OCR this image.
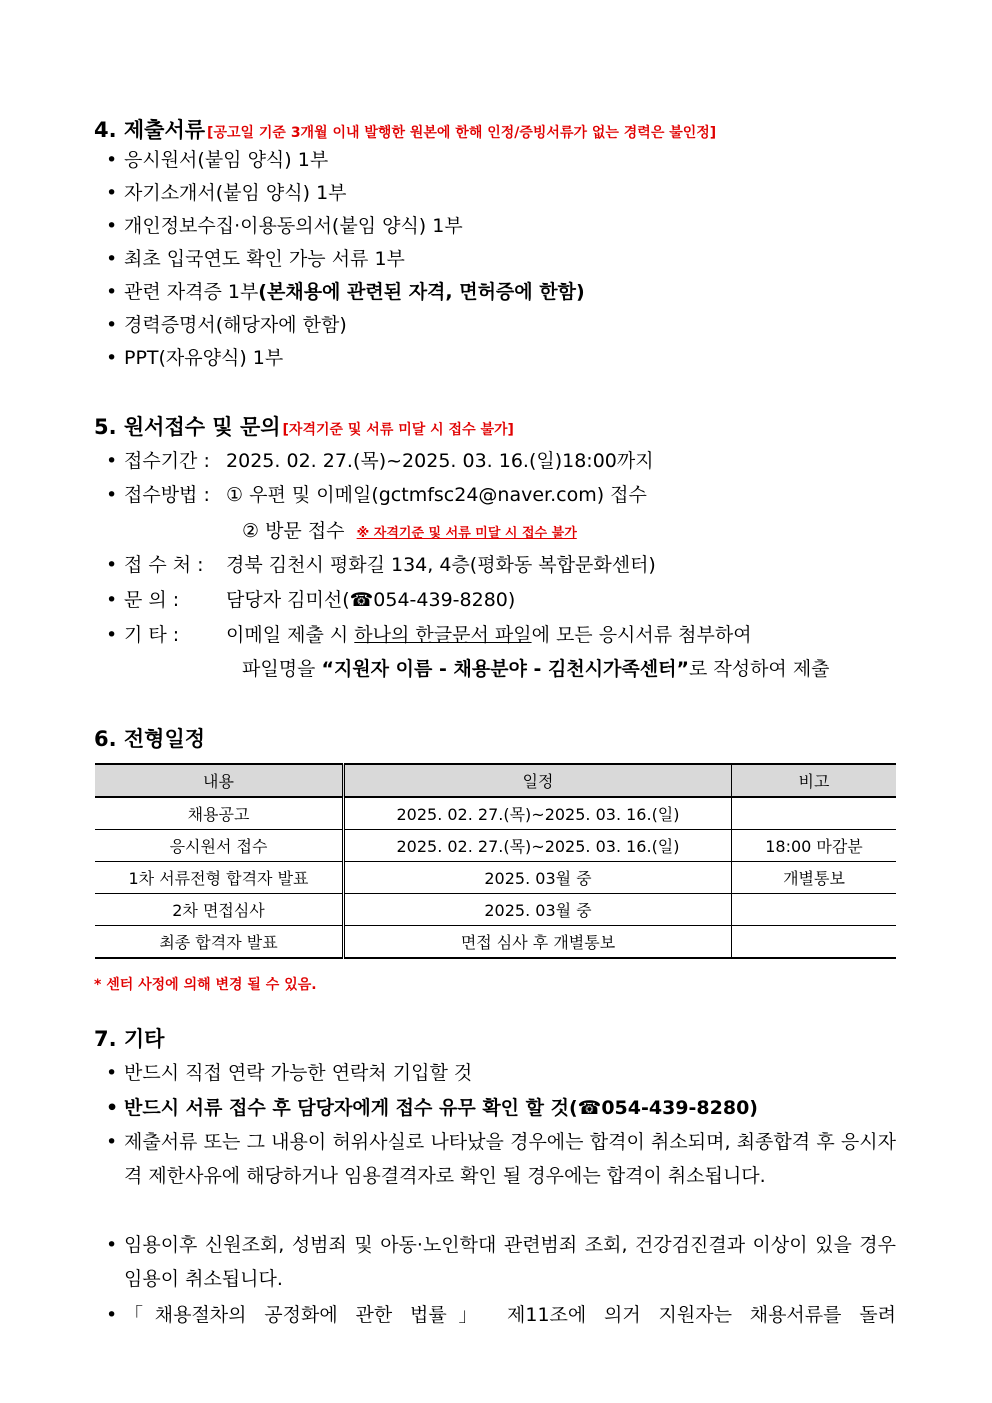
4. 제출서류 [공고일 기준 3개월 이내 발행한 원본에 한해 인정/증빙서류가 없는 경력은 불인정]
응시원서(붙임 양식) 1부
자기소개서(붙임 양식) 1부
개인정보수집·이용동의서(붙임 양식) 1부
최초 입국연도 확인 가능 서류 1부
관련 자격증 1부(본채용에 관련된 자격, 면허증에 한함)
경력증명서(해당자에 한함)
PPT(자유양식) 1부
5. 원서접수 및 문의 [자격기준 및 서류 미달 시 접수 불가]
접수기간 : 2025. 02. 27.(목)~2025. 03. 16.(일)18:00까지
접수방법 : ① 우편 및 이메일(gctmfsc24@naver.com) 접수
② 방문 접수 ※ 자격기준 및 서류 미달 시 접수 불가
접 수 처 : 경북 김천시 평화길 134, 4층(평화동 복합문화센터)
문 의 : 담당자 김미선(☎054-439-8280)
기 타 : 이메일 제출 시 하나의 한글문서 파일에 모든 응시서류 첨부하여
파일명을 “지원자 이름 - 채용분야 - 김천시가족센터”로 작성하여 제출
6. 전형일정
내용	일정	비고
채용공고	2025. 02. 27.(목)~2025. 03. 16.(일)	
응시원서 접수	2025. 02. 27.(목)~2025. 03. 16.(일)	18:00 마감분
1차 서류전형 합격자 발표	2025. 03월 중	개별통보
2차 면접심사	2025. 03월 중	
최종 합격자 발표	면접 심사 후 개별통보	
* 센터 사정에 의해 변경 될 수 있음.
7. 기타
반드시 직접 연락 가능한 연락처 기입할 것
반드시 서류 접수 후 담당자에게 접수 유무 확인 할 것(☎054-439-8280)
제출서류 또는 그 내용이 허위사실로 나타났을 경우에는 합격이 취소되며, 최종합격 후 응시자격 제한사유에 해당하거나 임용결격자로 확인 될 경우에는 합격이 취소됩니다.
임용이후 신원조회, 성범죄 및 아동·노인학대 관련범죄 조회, 건강검진결과 이상이 있을 경우 임용이 취소됩니다.
「채용절차의 공정화에 관한 법률」 제11조에 의거 지원자는 채용서류를 돌려
